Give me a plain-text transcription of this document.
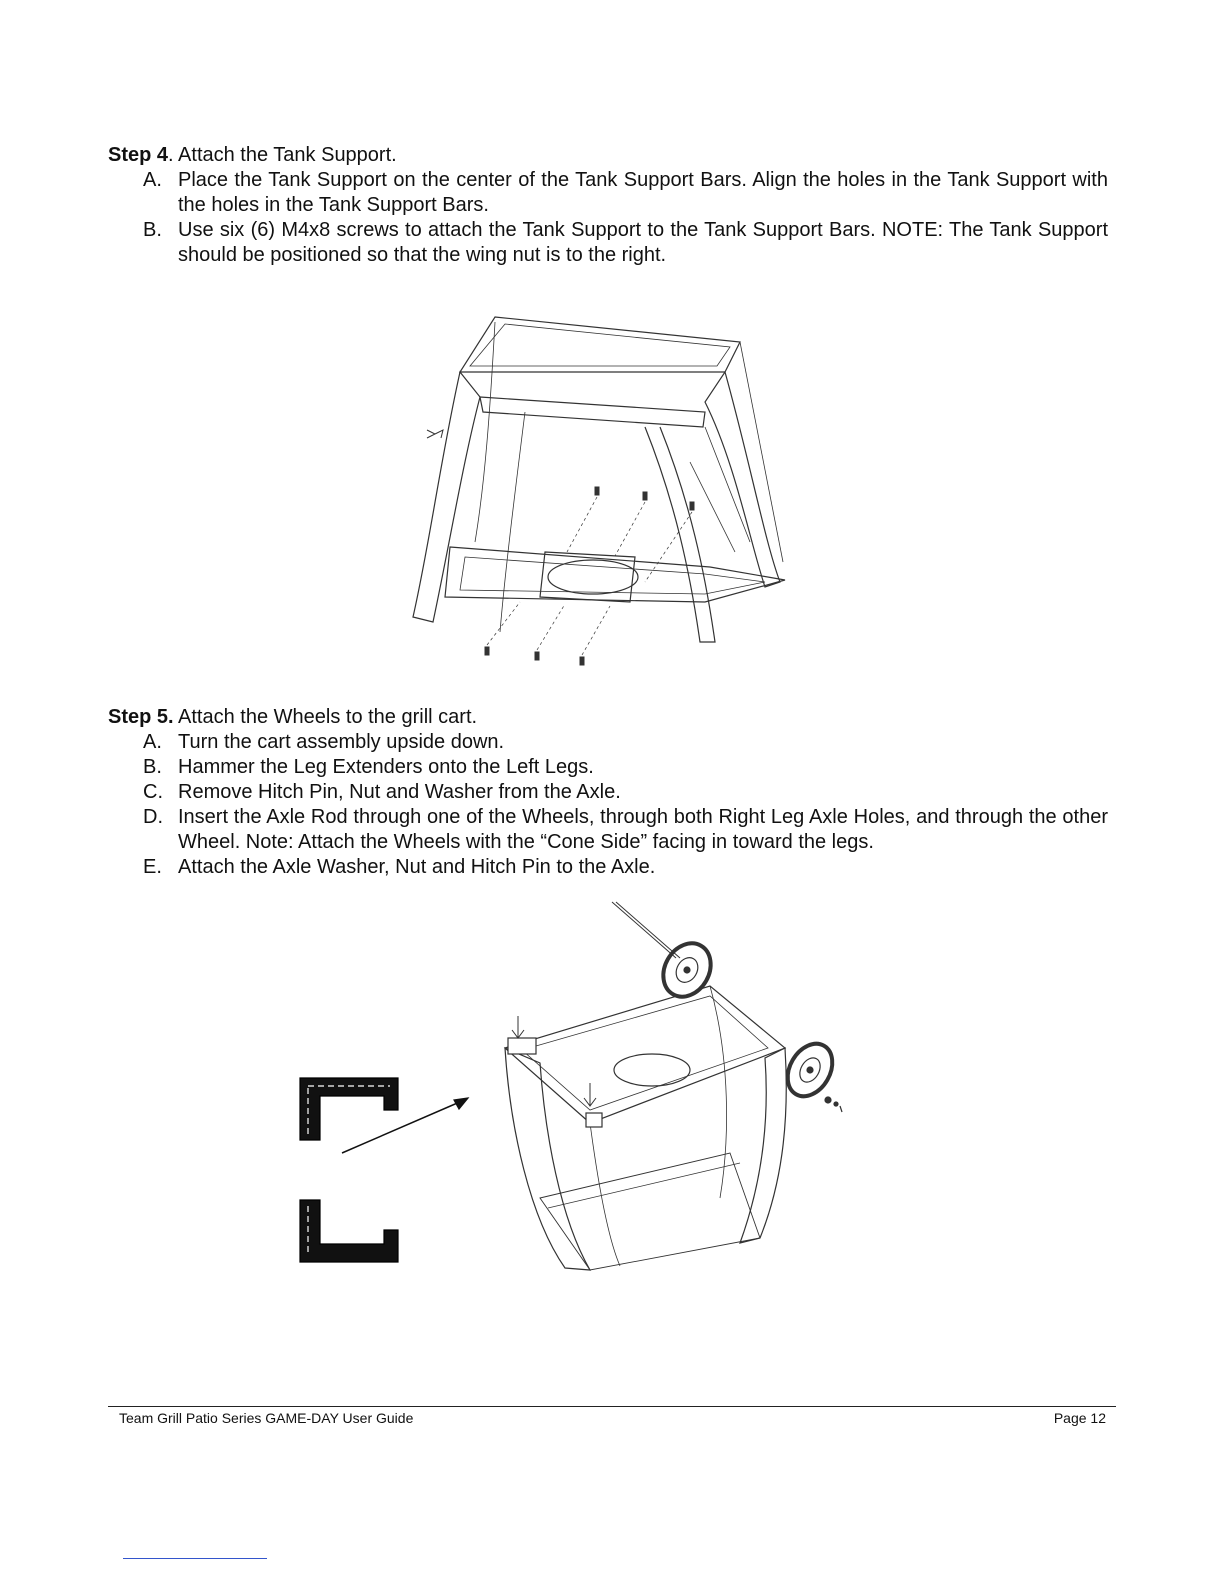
Step 4. Attach the Tank Support.
A. Place the Tank Support on the center of the Tank Support Bars. Align the holes in the Tank Support with the holes in the Tank Support Bars.
B. Use six (6) M4x8 screws to attach the Tank Support to the Tank Support Bars. NOTE: The Tank Support should be positioned so that the wing nut is to the right.
Step 5. Attach the Wheels to the grill cart.
A. Turn the cart assembly upside down.
B. Hammer the Leg Extenders onto the Left Legs.
C. Remove Hitch Pin, Nut and Washer from the Axle.
D. Insert the Axle Rod through one of the Wheels, through both Right Leg Axle Holes, and through the other Wheel. Note: Attach the Wheels with the “Cone Side” facing in toward the legs.
E. Attach the Axle Washer, Nut and Hitch Pin to the Axle.
Team Grill Patio Series GAME-DAY User Guide	Page 12
